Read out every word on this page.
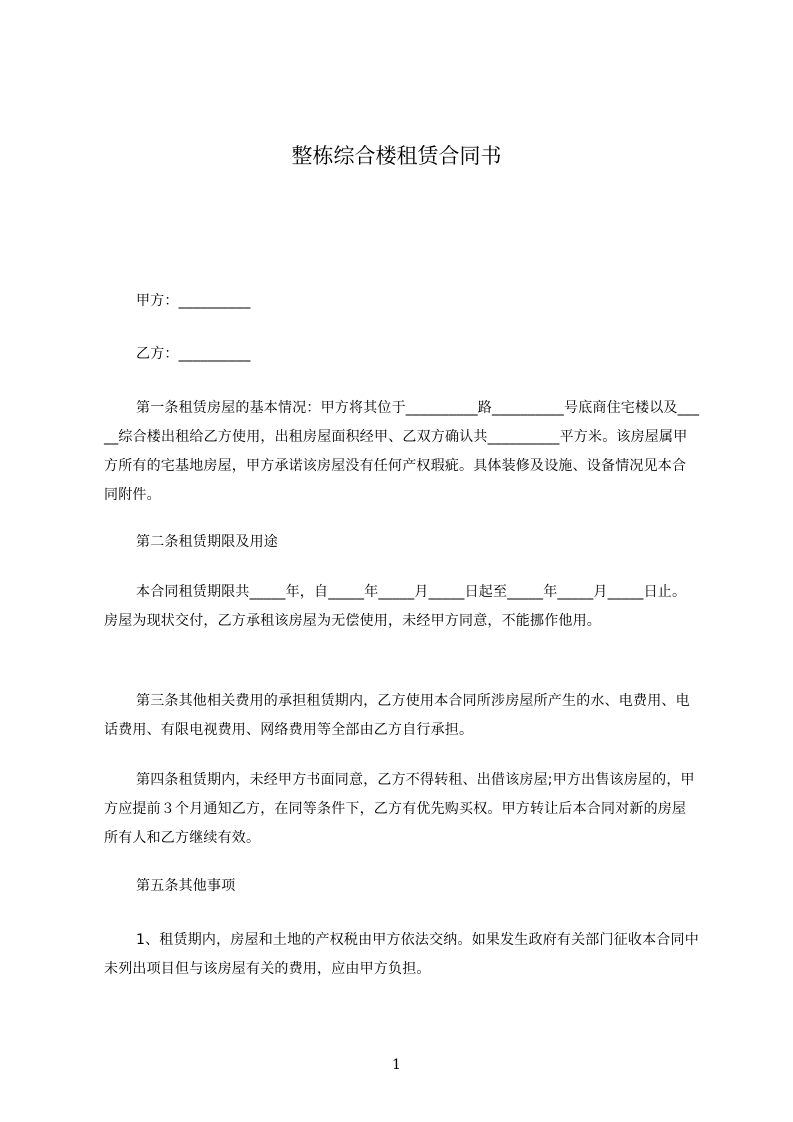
整栋综合楼租赁合同书

甲方：__________

乙方：__________

第一条租赁房屋的基本情况：甲方将其位于__________路__________号底商住宅楼以及_____综合楼出租给乙方使用，出租房屋面积经甲、乙双方确认共__________平方米。该房屋属甲方所有的宅基地房屋，甲方承诺该房屋没有任何产权瑕疵。具体装修及设施、设备情况见本合同附件。

第二条租赁期限及用途

本合同租赁期限共_____年，自_____年_____月_____日起至_____年_____月_____日止。房屋为现状交付，乙方承租该房屋为无偿使用，未经甲方同意，不能挪作他用。

第三条其他相关费用的承担租赁期内，乙方使用本合同所涉房屋所产生的水、电费用、电话费用、有限电视费用、网络费用等全部由乙方自行承担。

第四条租赁期内，未经甲方书面同意，乙方不得转租、出借该房屋;甲方出售该房屋的，甲方应提前３个月通知乙方，在同等条件下，乙方有优先购买权。甲方转让后本合同对新的房屋所有人和乙方继续有效。

第五条其他事项

1、租赁期内，房屋和土地的产权税由甲方依法交纳。如果发生政府有关部门征收本合同中未列出项目但与该房屋有关的费用，应由甲方负担。

1
